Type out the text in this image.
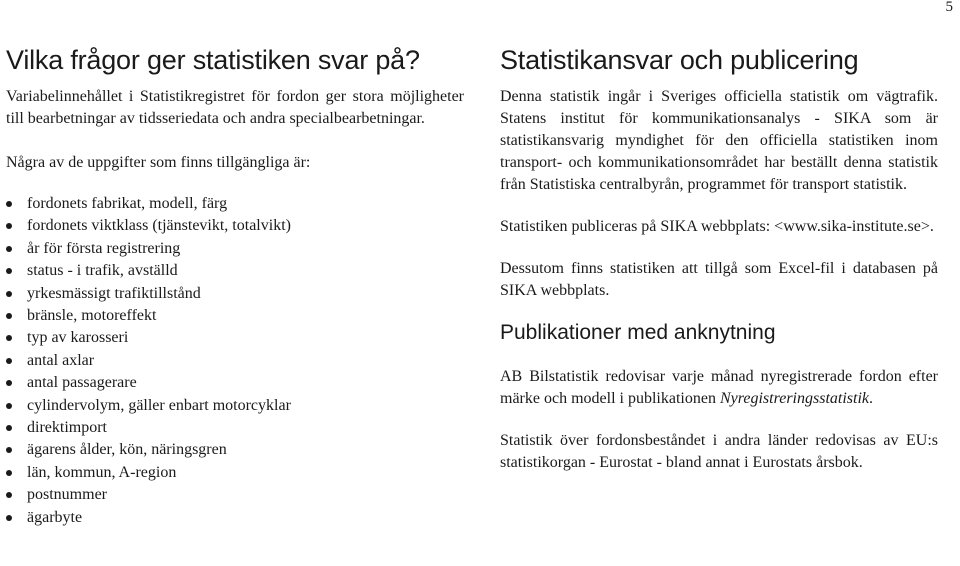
5
Vilka frågor ger statistiken svar på?

Variabelinnehållet i Statistikregistret för fordon ger stora möjligheter till bearbetningar av tidsseriedata och andra specialbearbetningar.

Några av de uppgifter som finns tillgängliga är:

fordonets fabrikat, modell, färg
fordonets viktklass (tjänstevikt, totalvikt)
år för första registrering
status - i trafik, avställd
yrkesmässigt trafiktillstånd
bränsle, motoreffekt
typ av karosseri
antal axlar
antal passagerare
cylindervolym, gäller enbart motorcyklar
direktimport
ägarens ålder, kön, näringsgren
län, kommun, A-region
postnummer
ägarbyte
Statistikansvar och publicering

Denna statistik ingår i Sveriges officiella statistik om vägtrafik. Statens institut för kommunikationsanalys - SIKA som är statistikansvarig myndighet för den officiella statistiken inom transport- och kommunikationsområdet har beställt denna statistik från Statistiska centralbyrån, programmet för transport statistik.

Statistiken publiceras på SIKA webbplats: <www.sika-institute.se>.

Dessutom finns statistiken att tillgå som Excel-fil i databasen på SIKA webbplats.

Publikationer med anknytning

AB Bilstatistik redovisar varje månad nyregistrerade fordon efter märke och modell i publikationen Nyregistreringsstatistik.

Statistik över fordonsbeståndet i andra länder redovisas av EU:s statistikorgan - Eurostat - bland annat i Eurostats årsbok.
